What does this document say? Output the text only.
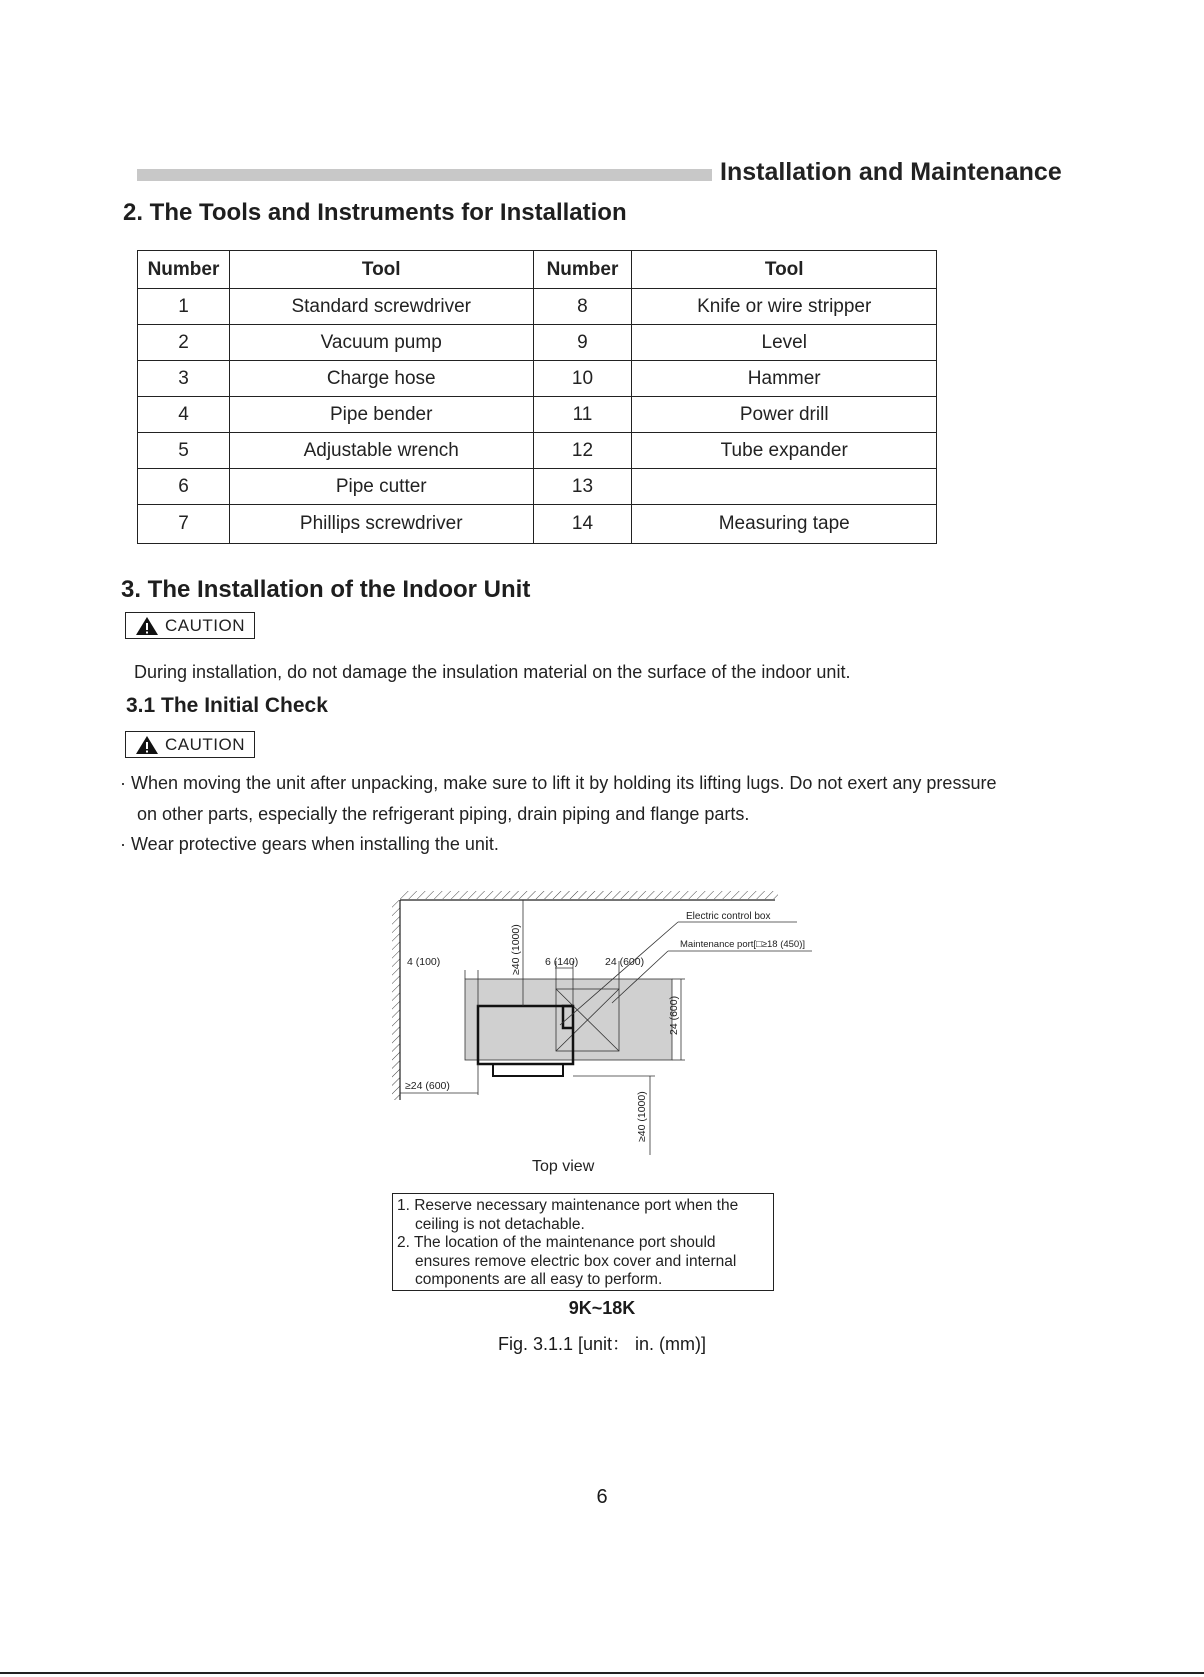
Installation and Maintenance
2. The Tools and Instruments for Installation
Number	Tool	Number	Tool
1	Standard screwdriver	8	Knife or wire stripper
2	Vacuum pump	9	Level
3	Charge hose	10	Hammer
4	Pipe bender	11	Power drill
5	Adjustable wrench	12	Tube expander
6	Pipe cutter	13	
7	Phillips screwdriver	14	Measuring tape
3. The Installation of the Indoor Unit
CAUTION
During installation, do not damage the insulation material on the surface of the indoor unit.
3.1 The Initial Check
CAUTION
· When moving the unit after unpacking, make sure to lift it by holding its lifting lugs. Do not exert any pressure
on other parts, especially the refrigerant piping, drain piping and flange parts.
· Wear protective gears when installing the unit.
≥40 (1000)
4 (100)	6 (140)	24 (600)
24 (600)
Electric control box
Maintenance port[□≥18 (450)]
≥24 (600)
≥40 (1000)
Top view
1. Reserve necessary maintenance port when the ceiling is not detachable.
2. The location of the maintenance port should ensures remove electric box cover and internal components are all easy to perform.
9K~18K
Fig. 3.1.1 [unit： in. (mm)]
6
